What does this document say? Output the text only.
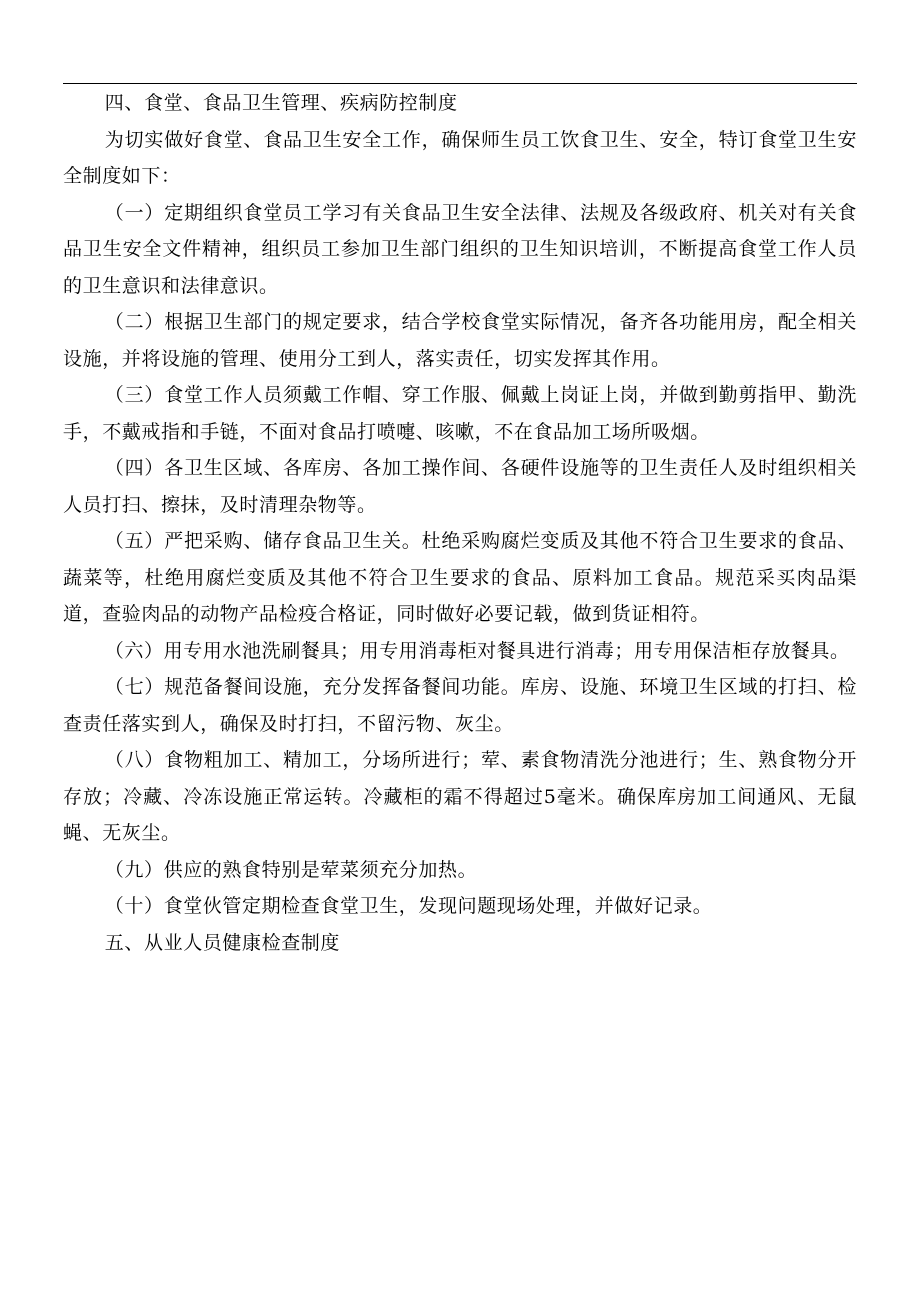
四、食堂、食品卫生管理、疾病防控制度

为切实做好食堂、食品卫生安全工作，确保师生员工饮食卫生、安全，特订食堂卫生安全制度如下：

（一）定期组织食堂员工学习有关食品卫生安全法律、法规及各级政府、机关对有关食品卫生安全文件精神，组织员工参加卫生部门组织的卫生知识培训，不断提高食堂工作人员的卫生意识和法律意识。

（二）根据卫生部门的规定要求，结合学校食堂实际情况，备齐各功能用房，配全相关设施，并将设施的管理、使用分工到人，落实责任，切实发挥其作用。

（三）食堂工作人员须戴工作帽、穿工作服、佩戴上岗证上岗，并做到勤剪指甲、勤洗手，不戴戒指和手链，不面对食品打喷嚏、咳嗽，不在食品加工场所吸烟。

（四）各卫生区域、各库房、各加工操作间、各硬件设施等的卫生责任人及时组织相关人员打扫、擦抹，及时清理杂物等。

（五）严把采购、储存食品卫生关。杜绝采购腐烂变质及其他不符合卫生要求的食品、蔬菜等，杜绝用腐烂变质及其他不符合卫生要求的食品、原料加工食品。规范采买肉品渠道，查验肉品的动物产品检疫合格证，同时做好必要记载，做到货证相符。

（六）用专用水池洗刷餐具；用专用消毒柜对餐具进行消毒；用专用保洁柜存放餐具。

（七）规范备餐间设施，充分发挥备餐间功能。库房、设施、环境卫生区域的打扫、检查责任落实到人，确保及时打扫，不留污物、灰尘。

（八）食物粗加工、精加工，分场所进行；荤、素食物清洗分池进行；生、熟食物分开存放；冷藏、冷冻设施正常运转。冷藏柜的霜不得超过5毫米。确保库房加工间通风、无鼠蝇、无灰尘。

（九）供应的熟食特别是荤菜须充分加热。

（十）食堂伙管定期检查食堂卫生，发现问题现场处理，并做好记录。

五、从业人员健康检查制度
